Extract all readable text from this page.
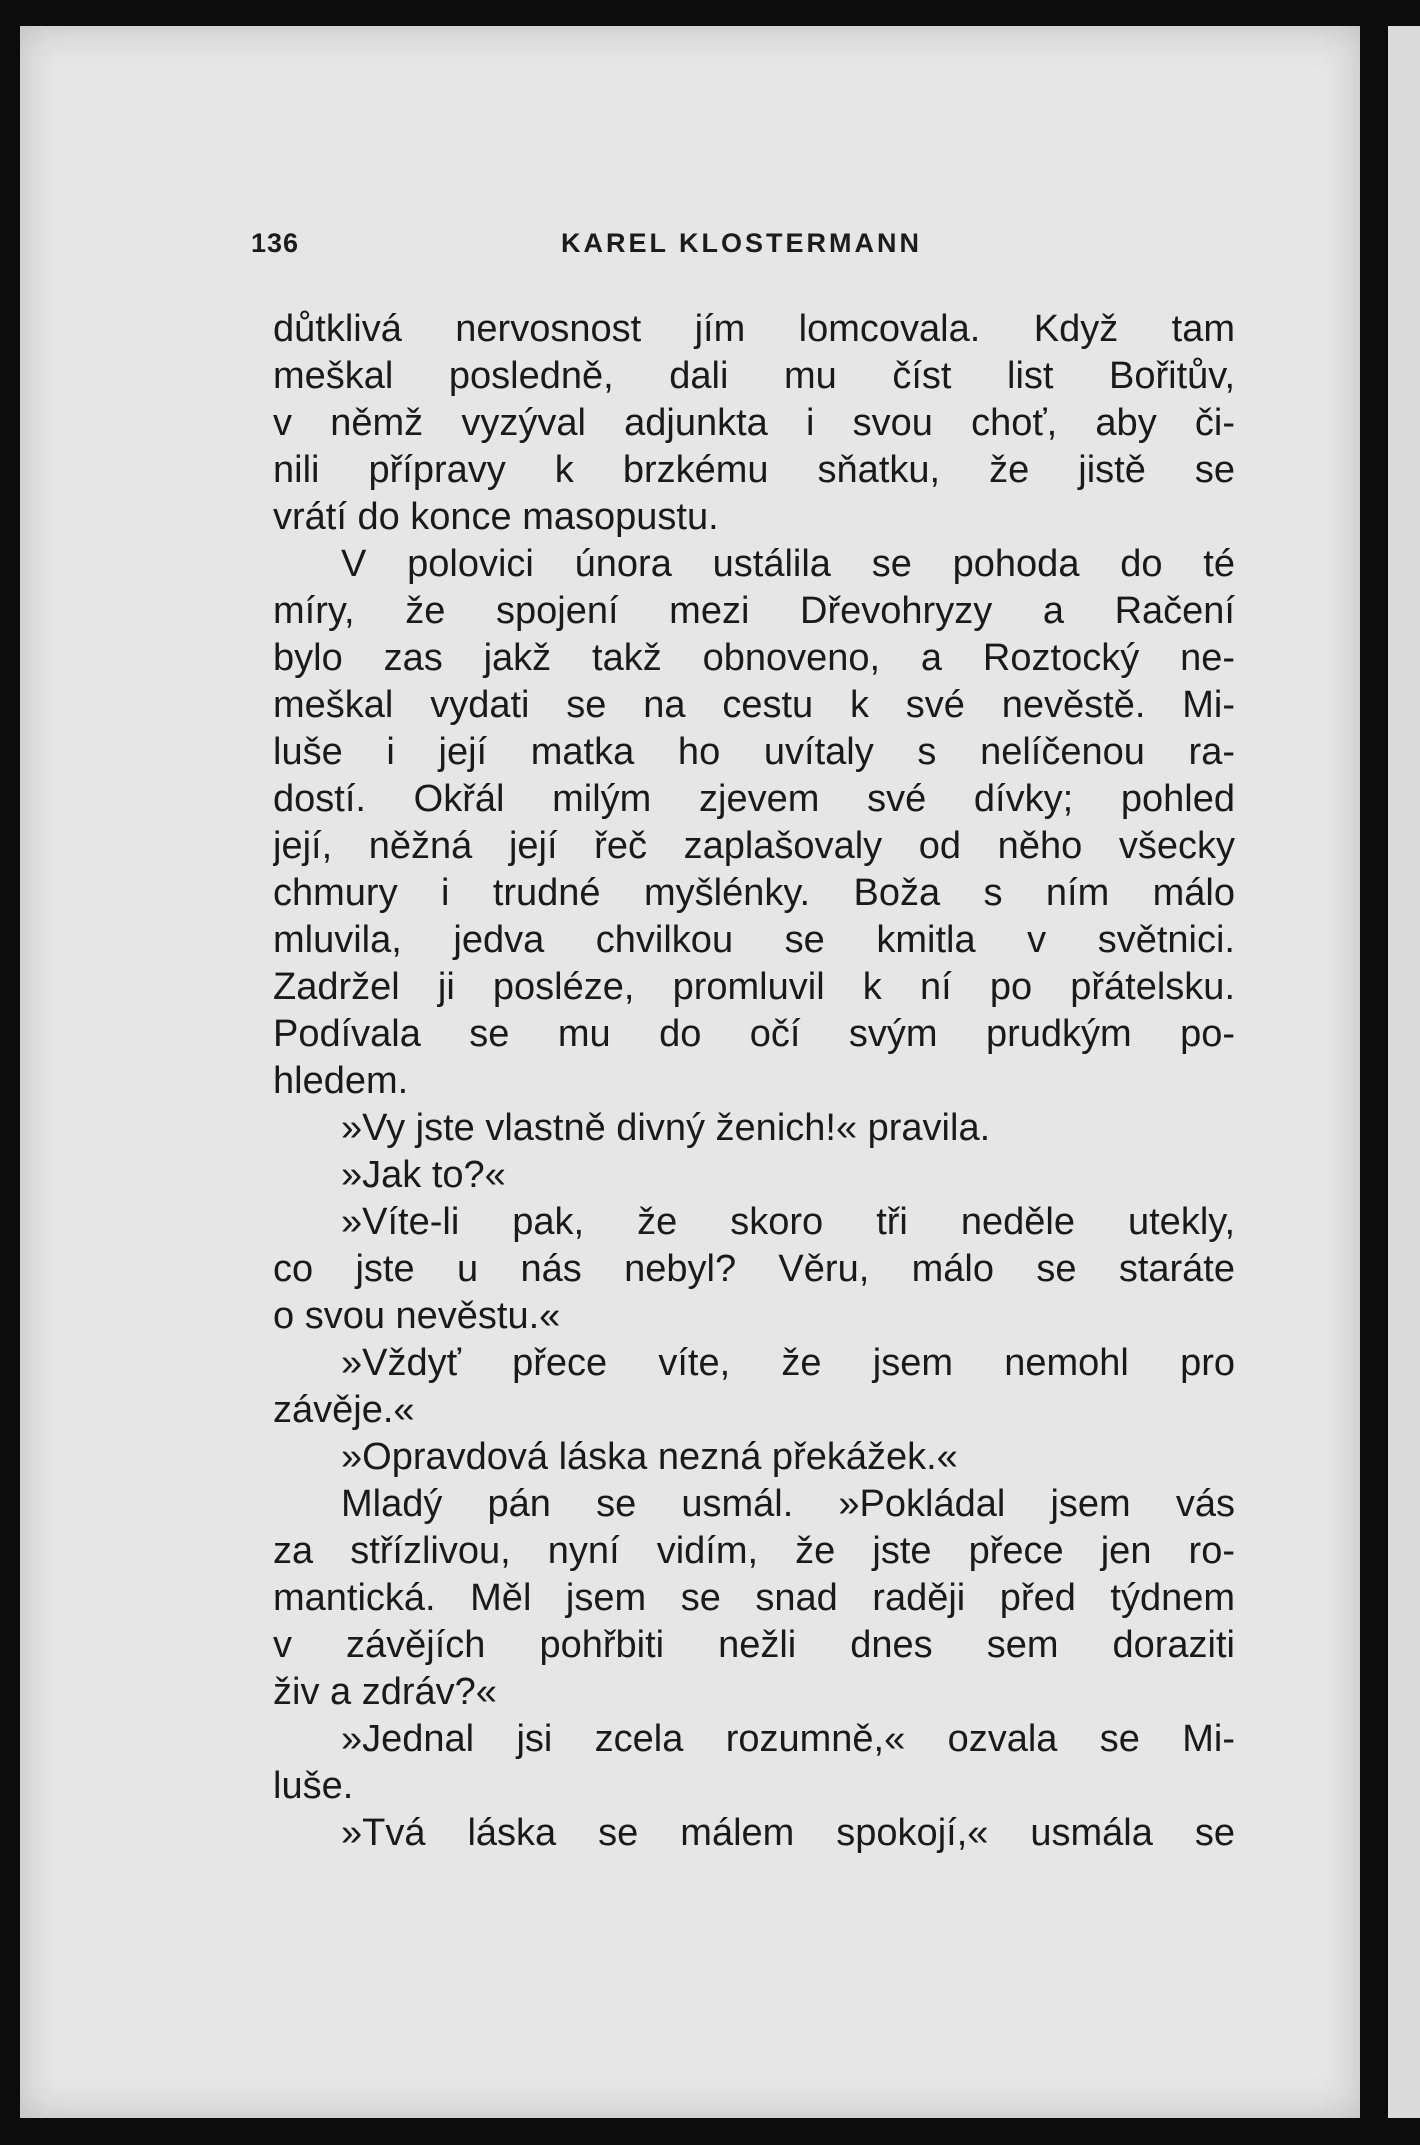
136	KAREL KLOSTERMANN
důtklivá nervosnost jím lomcovala. Když tam
meškal posledně, dali mu číst list Bořitův,
v němž vyzýval adjunkta i svou choť, aby či-
nili přípravy k brzkému sňatku, že jistě se
vrátí do konce masopustu.
V polovici února ustálila se pohoda do té
míry, že spojení mezi Dřevohryzy a Račení
bylo zas jakž takž obnoveno, a Roztocký ne-
meškal vydati se na cestu k své nevěstě. Mi-
luše i její matka ho uvítaly s nelíčenou ra-
dostí. Okřál milým zjevem své dívky; pohled
její, něžná její řeč zaplašovaly od něho všecky
chmury i trudné myšlénky. Boža s ním málo
mluvila, jedva chvilkou se kmitla v světnici.
Zadržel ji posléze, promluvil k ní po přátelsku.
Podívala se mu do očí svým prudkým po-
hledem.
»Vy jste vlastně divný ženich!« pravila.
»Jak to?«
»Víte-li pak, že skoro tři neděle utekly,
co jste u nás nebyl? Věru, málo se staráte
o svou nevěstu.«
»Vždyť přece víte, že jsem nemohl pro
závěje.«
»Opravdová láska nezná překážek.«
Mladý pán se usmál. »Pokládal jsem vás
za střízlivou, nyní vidím, že jste přece jen ro-
mantická. Měl jsem se snad raději před týdnem
v závějích pohřbiti nežli dnes sem doraziti
živ a zdráv?«
»Jednal jsi zcela rozumně,« ozvala se Mi-
luše.
»Tvá láska se málem spokojí,« usmála se
